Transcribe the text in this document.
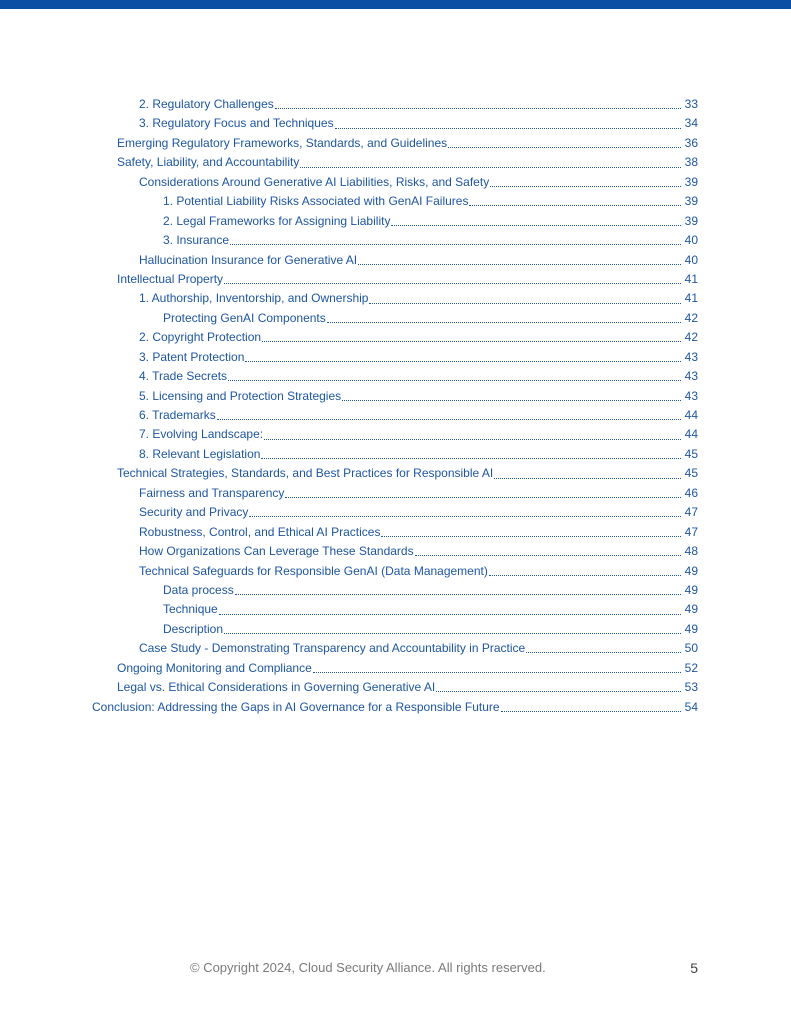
2. Regulatory Challenges	33
3. Regulatory Focus and Techniques	34
Emerging Regulatory Frameworks, Standards, and Guidelines	36
Safety, Liability, and Accountability	38
Considerations Around Generative AI Liabilities, Risks, and Safety	39
1. Potential Liability Risks Associated with GenAI Failures	39
2. Legal Frameworks for Assigning Liability	39
3. Insurance	40
Hallucination Insurance for Generative AI	40
Intellectual Property	41
1. Authorship, Inventorship, and Ownership	41
Protecting GenAI Components	42
2. Copyright Protection	42
3. Patent Protection	43
4. Trade Secrets	43
5. Licensing and Protection Strategies	43
6. Trademarks	44
7. Evolving Landscape:	44
8. Relevant Legislation	45
Technical Strategies, Standards, and Best Practices for Responsible AI	45
Fairness and Transparency	46
Security and Privacy	47
Robustness, Control, and Ethical AI Practices	47
How Organizations Can Leverage These Standards	48
Technical Safeguards for Responsible GenAI (Data Management)	49
Data process	49
Technique	49
Description	49
Case Study - Demonstrating Transparency and Accountability in Practice	50
Ongoing Monitoring and Compliance	52
Legal vs. Ethical Considerations in Governing Generative AI	53
Conclusion: Addressing the Gaps in AI Governance for a Responsible Future	54
© Copyright 2024, Cloud Security Alliance. All rights reserved.	5
